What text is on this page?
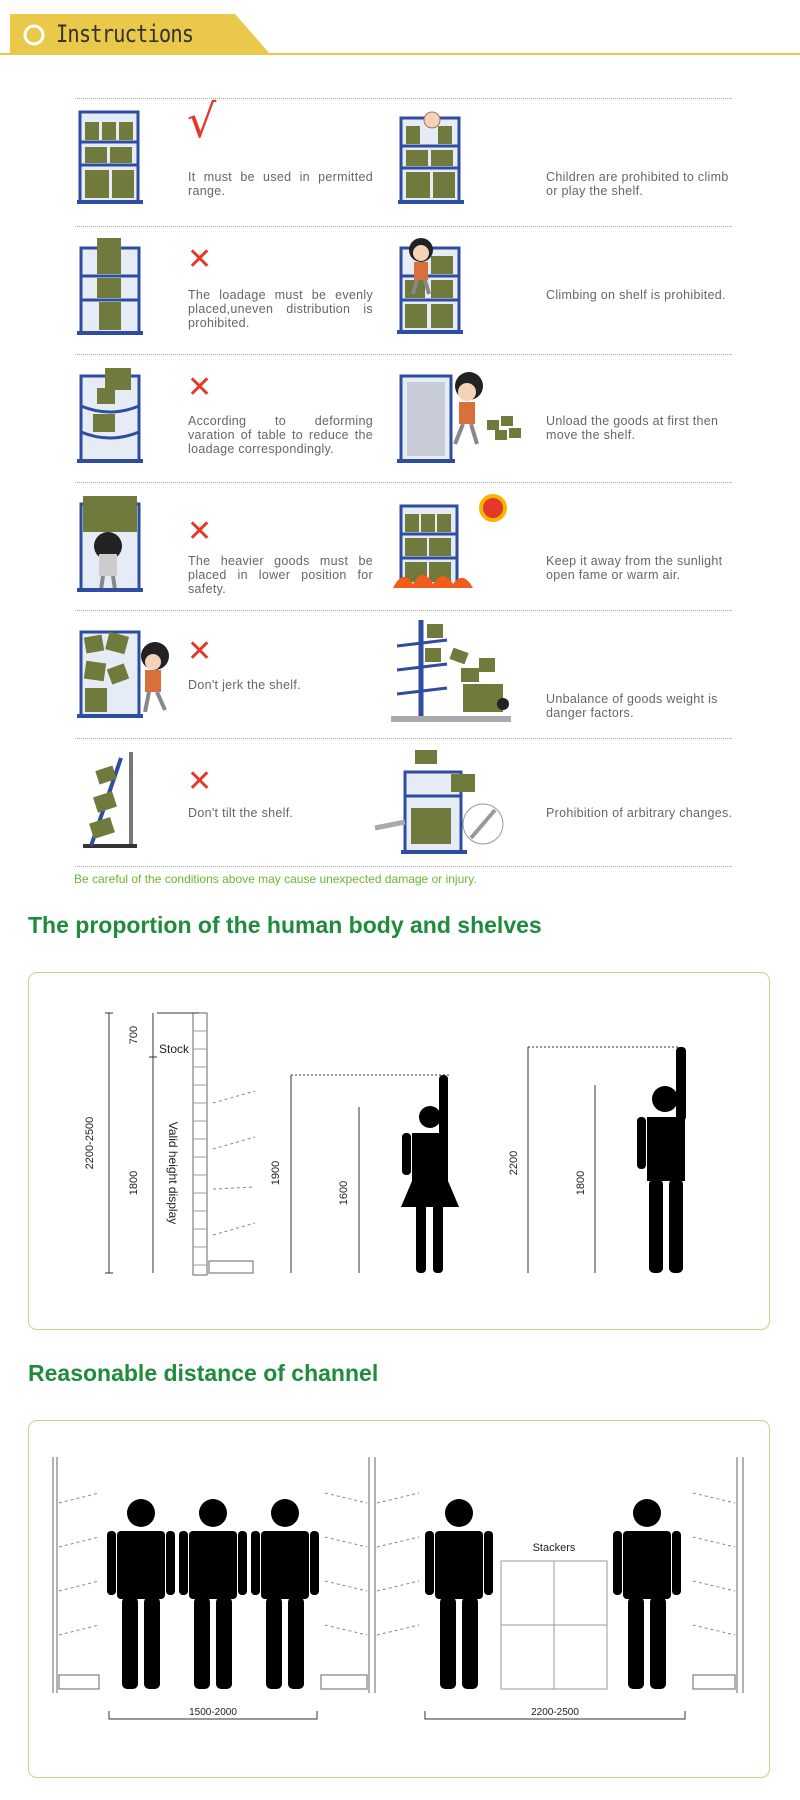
Instructions
√
It must be used in permitted range.
Children are prohibited to climb or play the shelf.
✕
The loadage must be evenly placed,uneven distribution is prohibited.
Climbing on shelf is prohibited.
✕
According to deforming varation of table to reduce the loadage correspondingly.
Unload the goods at first then move the shelf.
✕
The heavier goods must be placed in lower position for safety.
Keep it away from the sunlight open fame or warm air.
✕
Don't jerk the shelf.
Unbalance of goods weight is danger factors.
✕
Don't tilt the shelf.	Prohibition of arbitrary changes.
Be careful of the conditions above may cause unexpected damage or injury.
The proportion of the human body and shelves
2200-2500
700
Stock
1800 Valid height display	1900
1600
2200
1800
Reasonable distance of channel
Stackers
1500-2000	2200-2500
